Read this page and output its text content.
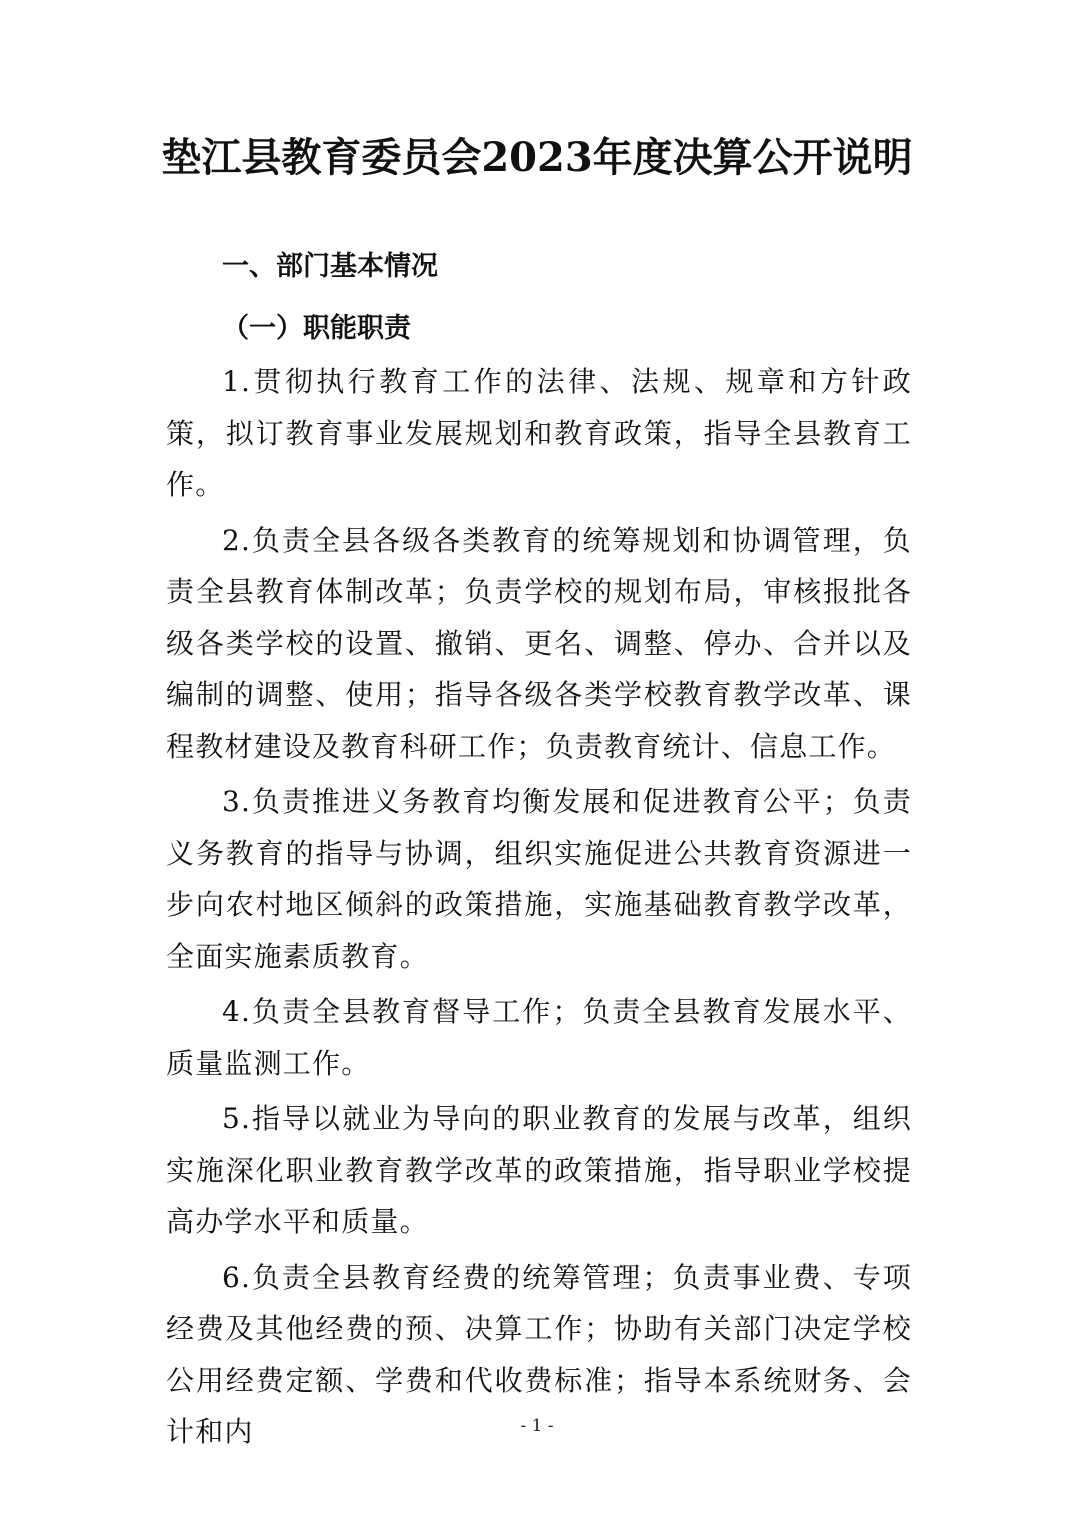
垫江县教育委员会2023年度决算公开说明
一、部门基本情况
（一）职能职责

1.贯彻执行教育工作的法律、法规、规章和方针政策，拟订教育事业发展规划和教育政策，指导全县教育工作。

2.负责全县各级各类教育的统筹规划和协调管理，负责全县教育体制改革；负责学校的规划布局，审核报批各级各类学校的设置、撤销、更名、调整、停办、合并以及编制的调整、使用；指导各级各类学校教育教学改革、课程教材建设及教育科研工作；负责教育统计、信息工作。

3.负责推进义务教育均衡发展和促进教育公平；负责义务教育的指导与协调，组织实施促进公共教育资源进一步向农村地区倾斜的政策措施，实施基础教育教学改革，全面实施素质教育。

4.负责全县教育督导工作；负责全县教育发展水平、质量监测工作。

5.指导以就业为导向的职业教育的发展与改革，组织实施深化职业教育教学改革的政策措施，指导职业学校提高办学水平和质量。

6.负责全县教育经费的统筹管理；负责事业费、专项经费及其他经费的预、决算工作；协助有关部门决定学校公用经费定额、学费和代收费标准；指导本系统财务、会计和内	- 1 -
